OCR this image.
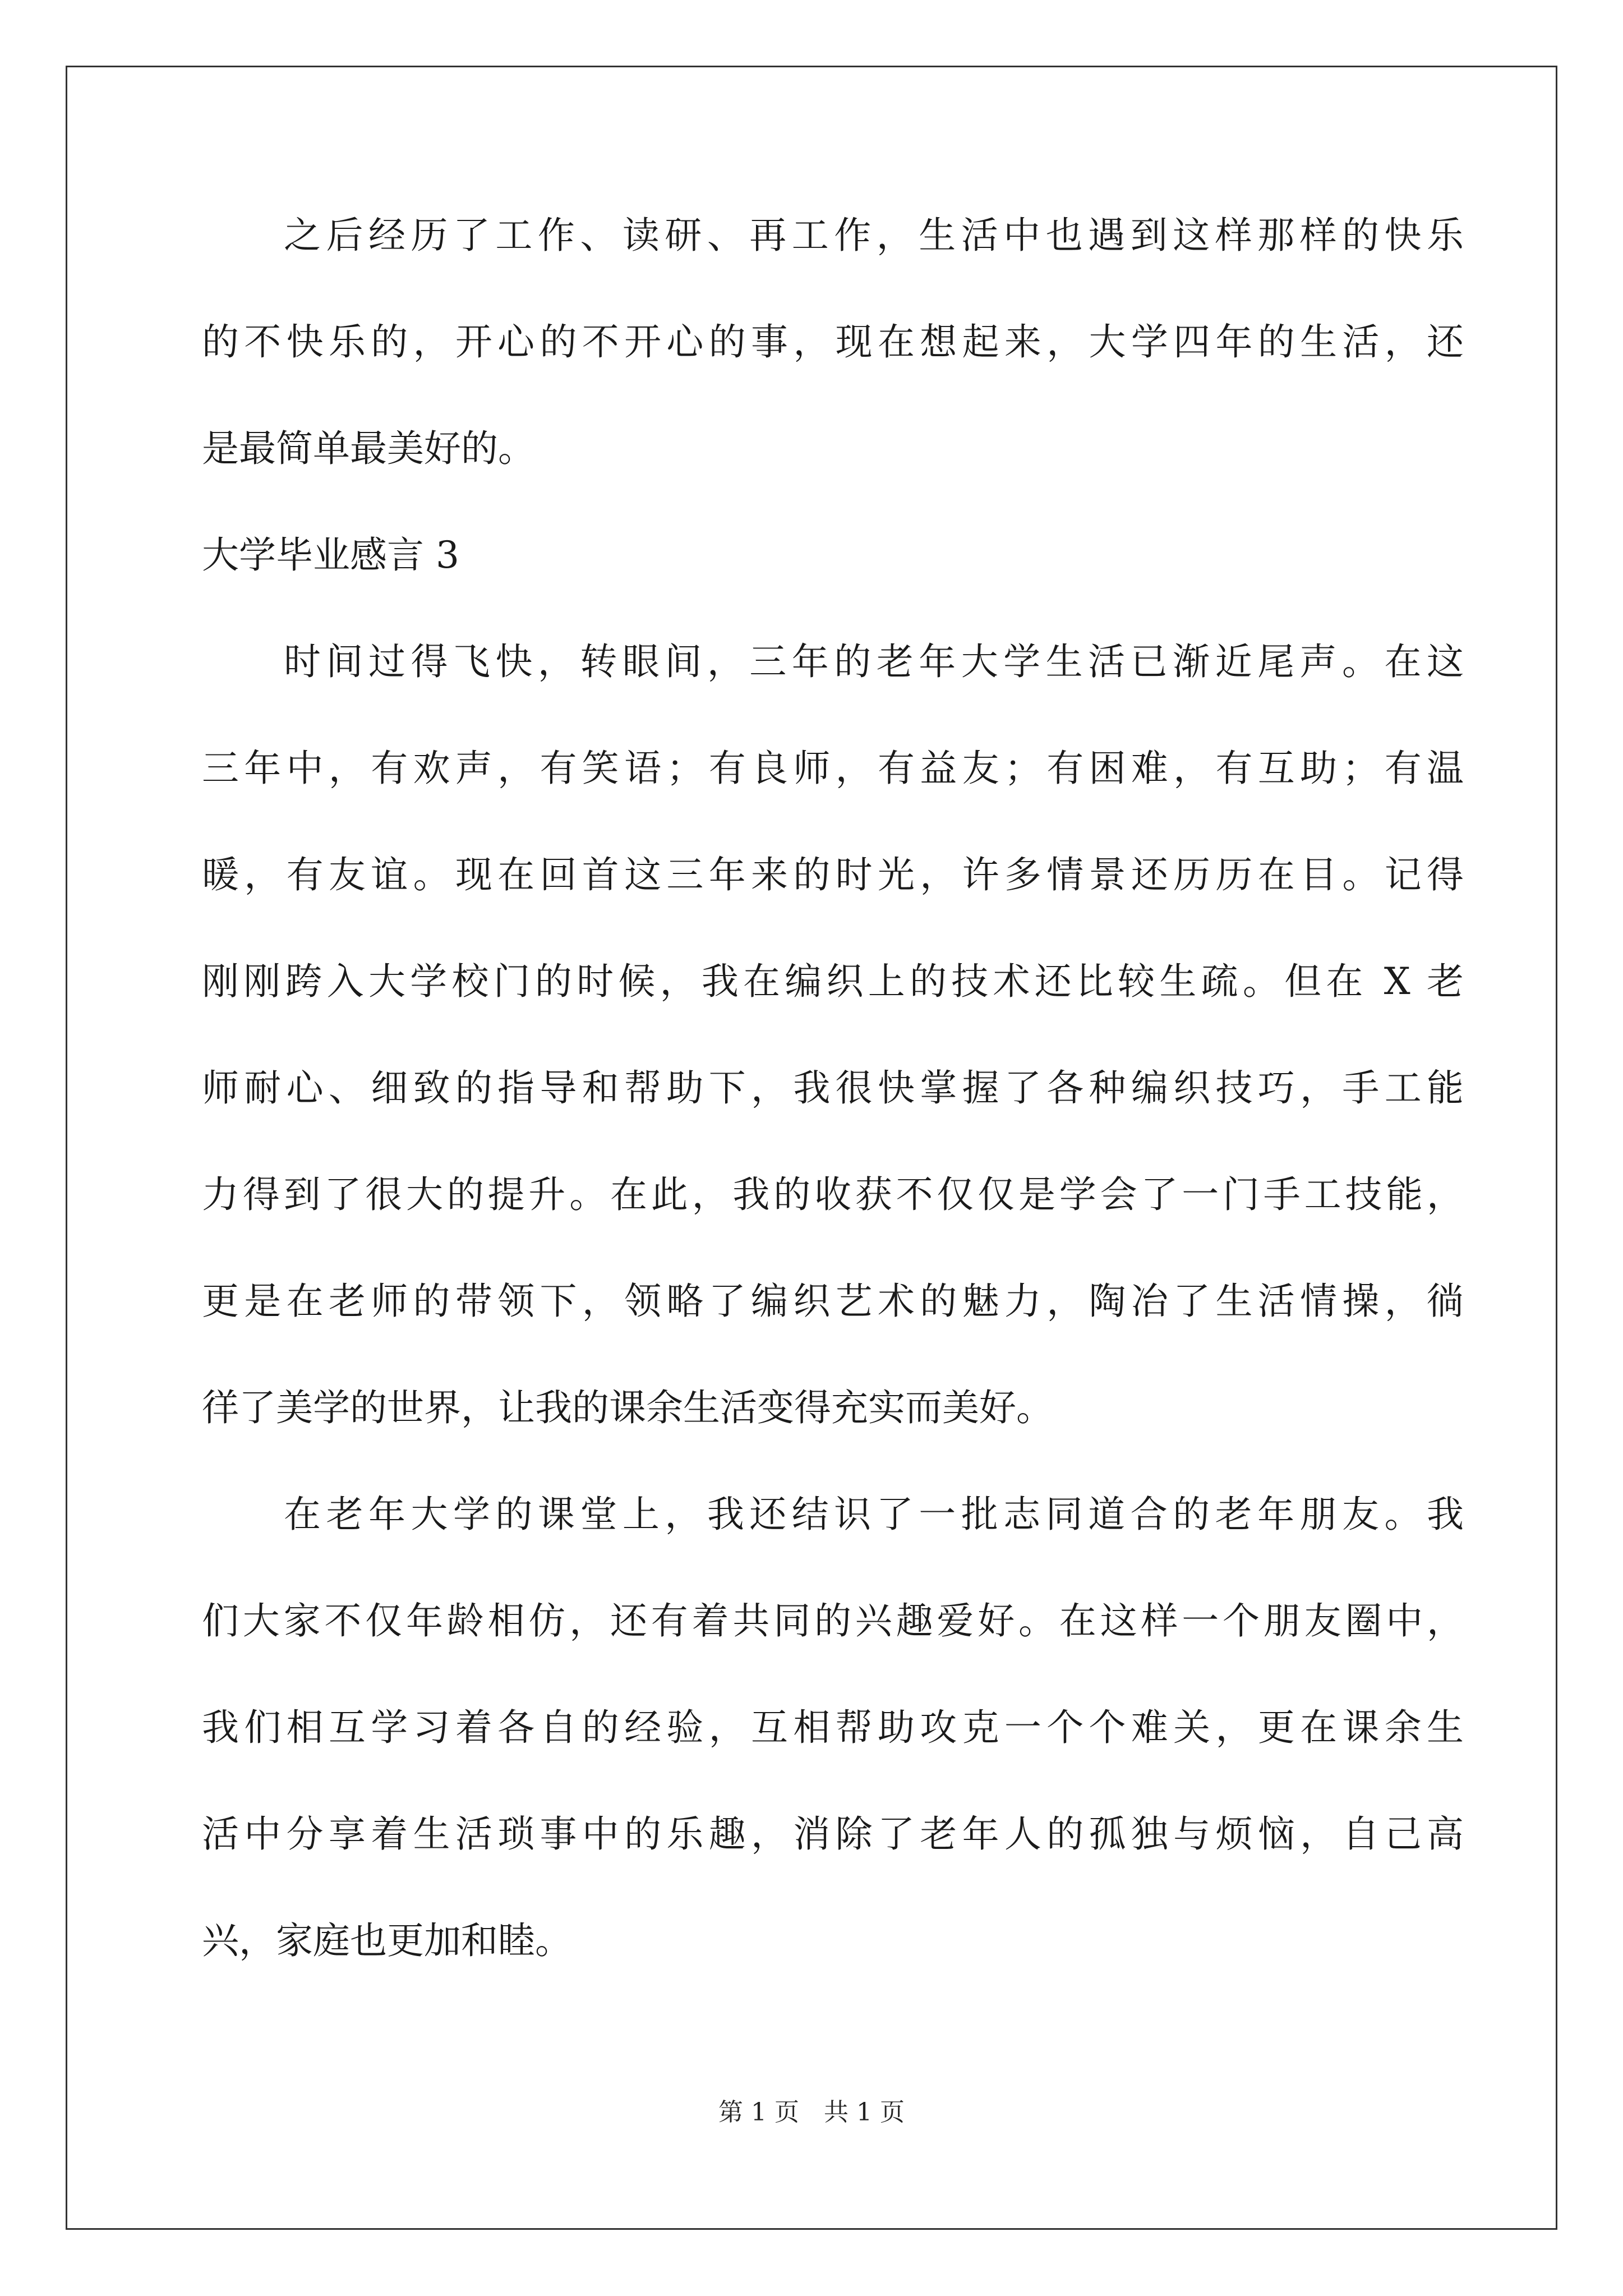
之后经历了工作、读研、再工作，生活中也遇到这样那样的快乐
的不快乐的，开心的不开心的事，现在想起来，大学四年的生活，还
是最简单最美好的。
大学毕业感言 3
时间过得飞快，转眼间，三年的老年大学生活已渐近尾声。在这
三年中，有欢声，有笑语；有良师，有益友；有困难，有互助；有温
暖，有友谊。现在回首这三年来的时光，许多情景还历历在目。记得
刚刚跨入大学校门的时候，我在编织上的技术还比较生疏。但在 X 老
师耐心、细致的指导和帮助下，我很快掌握了各种编织技巧，手工能
力得到了很大的提升。在此，我的收获不仅仅是学会了一门手工技能，
更是在老师的带领下，领略了编织艺术的魅力，陶冶了生活情操，徜
徉了美学的世界，让我的课余生活变得充实而美好。
在老年大学的课堂上，我还结识了一批志同道合的老年朋友。我
们大家不仅年龄相仿，还有着共同的兴趣爱好。在这样一个朋友圈中，
我们相互学习着各自的经验，互相帮助攻克一个个难关，更在课余生
活中分享着生活琐事中的乐趣，消除了老年人的孤独与烦恼，自己高
兴，家庭也更加和睦。
第 1 页　共 1 页
